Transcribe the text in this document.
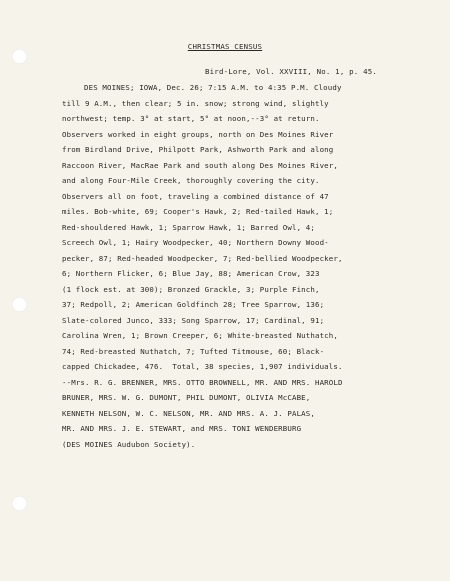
CHRISTMAS CENSUS
Bird-Lore, Vol. XXVIII, No. 1, p. 45.
DES MOINES; IOWA, Dec. 26; 7:15 A.M. to 4:35 P.M. Cloudy
till 9 A.M., then clear; 5 in. snow; strong wind, slightly
northwest; temp. 3° at start, 5° at noon,--3° at return.
Observers worked in eight groups, north on Des Moines River
from Birdland Drive, Philpott Park, Ashworth Park and along
Raccoon River, MacRae Park and south along Des Moines River,
and along Four-Mile Creek, thoroughly covering the city.
Observers all on foot, traveling a combined distance of 47
miles. Bob-white, 69; Cooper's Hawk, 2; Red-tailed Hawk, 1;
Red-shouldered Hawk, 1; Sparrow Hawk, 1; Barred Owl, 4;
Screech Owl, 1; Hairy Woodpecker, 40; Northern Downy Wood-
pecker, 87; Red-headed Woodpecker, 7; Red-bellied Woodpecker,
6; Northern Flicker, 6; Blue Jay, 88; American Crow, 323
(1 flock est. at 300); Bronzed Grackle, 3; Purple Finch,
37; Redpoll, 2; American Goldfinch 28; Tree Sparrow, 136;
Slate-colored Junco, 333; Song Sparrow, 17; Cardinal, 91;
Carolina Wren, 1; Brown Creeper, 6; White-breasted Nuthatch,
74; Red-breasted Nuthatch, 7; Tufted Titmouse, 60; Black-
capped Chickadee, 476.  Total, 38 species, 1,907 individuals.
--Mrs. R. G. BRENNER, MRS. OTTO BROWNELL, MR. AND MRS. HAROLD
BRUNER, MRS. W. G. DUMONT, PHIL DUMONT, OLIVIA McCABE,
KENNETH NELSON, W. C. NELSON, MR. AND MRS. A. J. PALAS,
MR. AND MRS. J. E. STEWART, and MRS. TONI WENDERBURG
(DES MOINES Audubon Society).
